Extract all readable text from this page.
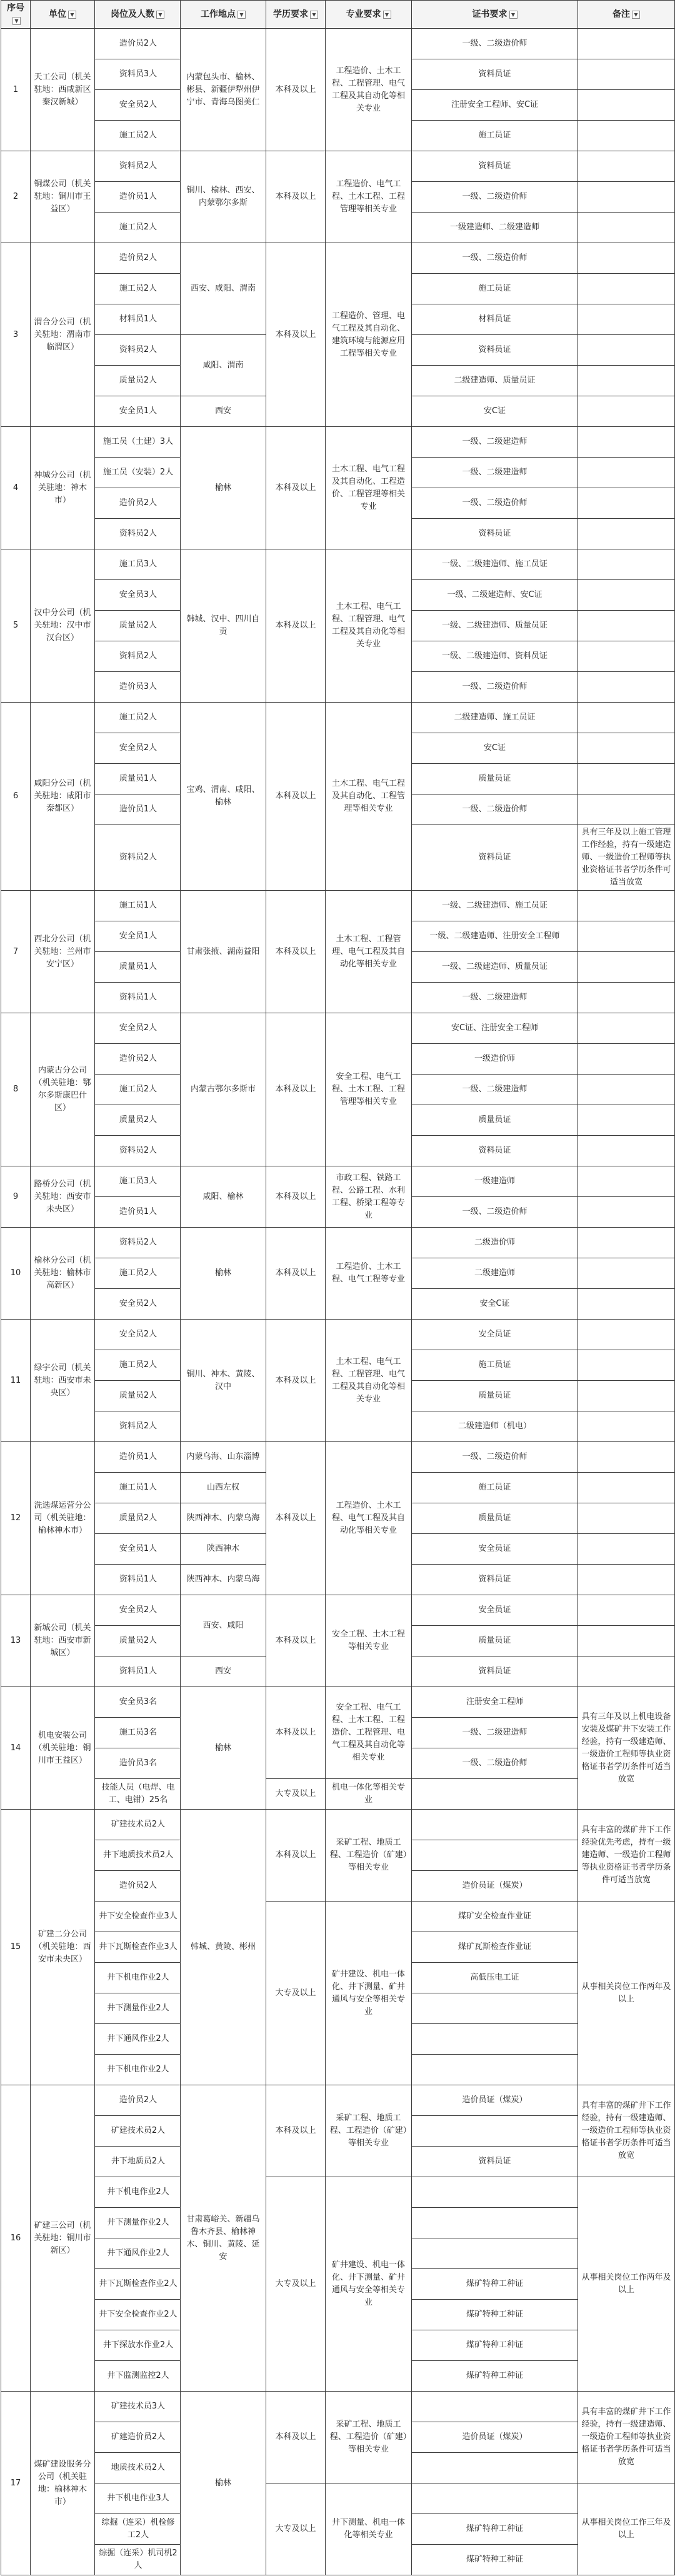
序号▼	单位 ▼	岗位及人数 ▼	工作地点 ▼	学历要求 ▼	专业要求 ▼	证书要求 ▼	备注 ▼
1	天工公司（机关驻地：西咸新区秦汉新城）	造价员2人	内蒙包头市、榆林、彬县、新疆伊犁州伊宁市、青海乌图美仁	本科及以上	工程造价、土木工程、工程管理、电气工程及其自动化等相关专业	一级、二级造价师	
		资料员3人				资料员证	
		安全员2人				注册安全工程师、安C证	
		施工员2人				施工员证	
2	铜煤公司（机关驻地：铜川市王益区）	资料员2人	铜川、榆林、西安、内蒙鄂尔多斯	本科及以上	工程造价、电气工程、土木工程、工程管理等相关专业	资料员证	
		造价员1人				一级、二级造价师	
		施工员2人				一级建造师、二级建造师	
3	渭合分公司（机关驻地：渭南市临渭区）	造价员2人	西安、咸阳、渭南	本科及以上	工程造价、管理、电气工程及其自动化、建筑环境与能源应用工程等相关专业	一级、二级造价师	
		施工员2人				施工员证	
		材料员1人				材料员证	
		资料员2人	咸阳、渭南			资料员证	
		质量员2人				二级建造师、质量员证	
		安全员1人	西安			安C证	
4	神城分公司（机关驻地：神木市）	施工员（土建）3人	榆林	本科及以上	土木工程、电气工程及其自动化、工程造价、工程管理等相关专业	一级、二级建造师	
		施工员（安装）2人				一级、二级建造师	
		造价员2人				一级、二级造价师	
		资料员2人				资料员证	
5	汉中分公司（机关驻地：汉中市汉台区）	施工员3人	韩城、汉中、四川自贡	本科及以上	土木工程、电气工程、工程管理、电气工程及其自动化等相关专业	一级、二级建造师、施工员证	
		安全员3人				一级、二级建造师、安C证	
		质量员2人				一级、二级建造师、质量员证	
		资料员2人				一级、二级建造师、资料员证	
		造价员3人				一级、二级造价师	
6	咸阳分公司（机关驻地：咸阳市秦都区）	施工员2人	宝鸡、渭南、咸阳、榆林	本科及以上	土木工程、电气工程及其自动化、工程管理等相关专业	二级建造师、施工员证	
		安全员2人				安C证	
		质量员1人				质量员证	
		造价员1人				一级、二级造价师	
		资料员2人				资料员证	具有三年及以上施工管理工作经验，持有一级建造师、一级造价工程师等执业资格证书者学历条件可适当放宽
7	西北分公司（机关驻地：兰州市安宁区）	施工员1人	甘肃张掖、湖南益阳	本科及以上	土木工程、工程管理、电气工程及其自动化等相关专业	一级、二级建造师、施工员证	
		安全员1人				一级、二级建造师、注册安全工程师	
		质量员1人				一级、二级建造师、质量员证	
		资料员1人				一级、二级建造师	
8	内蒙古分公司（机关驻地：鄂尔多斯康巴什区）	安全员2人	内蒙古鄂尔多斯市	本科及以上	安全工程、电气工程、土木工程、工程管理等相关专业	安C证、注册安全工程师	
		造价员2人				一级造价师	
		施工员2人				一级、二级建造师	
		质量员2人				质量员证	
		资料员2人				资料员证	
9	路桥分公司（机关驻地：西安市未央区）	施工员3人	咸阳、榆林	本科及以上	市政工程、铁路工程、公路工程、水利工程、桥梁工程等专业	一级建造师	
		造价员1人				一级、二级造价师	
10	榆林分公司（机关驻地：榆林市高新区）	资料员2人	榆林	本科及以上	工程造价、土木工程、电气工程等专业	二级造价师	
		施工员2人				二级建造师	
		安全员2人				安全C证	
11	绿宇公司（机关驻地：西安市未央区）	安全员2人	铜川、神木、黄陵、汉中	本科及以上	土木工程、电气工程、工程管理、电气工程及其自动化等相关专业	安全员证	
		施工员2人				施工员证	
		质量员2人				质量员证	
		资料员2人				二级建造师（机电）	
12	洗选煤运营分公司（机关驻地：榆林神木市）	造价员1人	内蒙乌海、山东淄博	本科及以上	工程造价、土木工程、电气工程及其自动化等相关专业	一级、二级造价师	
		施工员1人	山西左权			施工员证	
		质量员2人	陕西神木、内蒙乌海			质量员证	
		安全员1人	陕西神木			安全员证	
		资料员1人	陕西神木、内蒙乌海			资料员证	
13	新城公司（机关驻地：西安市新城区）	安全员2人	西安、咸阳	本科及以上	安全工程、土木工程等相关专业	安全员证	
		质量员2人				质量员证	
		资料员1人	西安			资料员证	
14	机电安装公司（机关驻地：铜川市王益区）	安全员3名	榆林	本科及以上	安全工程、电气工程、土木工程、工程造价、工程管理、电气工程及其自动化等相关专业	注册安全工程师	具有三年及以上机电设备安装及煤矿井下安装工作经验，持有一级建造师、一级造价工程师等执业资格证书者学历条件可适当放宽
		施工员3名				一级、二级建造师	
		造价员3名				一级、二级造价师	
		技能人员（电焊、电工、电钳）25名		大专及以上	机电一体化等相关专业		
15	矿建二分公司（机关驻地：西安市未央区）	矿建技术员2人	韩城、黄陵、彬州	本科及以上	采矿工程、地质工程、工程造价（矿建）等相关专业		具有丰富的煤矿井下工作经验优先考虑，持有一级建造师、一级造价工程师等执业资格证书者学历条件可适当放宽
		井下地质技术员2人					
		造价员2人				造价员证（煤炭）	
		井下安全检查作业3人		大专及以上	矿井建设、机电一体化、井下测量、矿井通风与安全等相关专业	煤矿安全检查作业证	从事相关岗位工作两年及以上
		井下瓦斯检查作业3人				煤矿瓦斯检查作业证	
		井下机电作业2人				高低压电工证	
		井下测量作业2人					
		井下通风作业2人					
		井下机电作业2人					
16	矿建三公司（机关驻地：铜川市新区）	造价员2人	甘肃葛峪关、新疆乌鲁木齐县、榆林神木、铜川、黄陵、延安	本科及以上	采矿工程、地质工程、工程造价（矿建）等相关专业	造价员证（煤炭）	具有丰富的煤矿井下工作经验，持有一级建造师、一级造价工程师等执业资格证书者学历条件可适当放宽
		矿建技术员2人					
		井下地质员2人				资料员证	
		井下机电作业2人		大专及以上	矿井建设、机电一体化、井下测量、矿井通风与安全等相关专业		从事相关岗位工作两年及以上
		井下测量作业2人					
		井下通风作业2人					
		井下瓦斯检查作业2人				煤矿特种工种证	
		井下安全检查作业2人				煤矿特种工种证	
		井下探放水作业2人				煤矿特种工种证	
		井下监测监控2人				煤矿特种工种证	
17	煤矿建设服务分公司（机关驻地：榆林神木市）	矿建技术员3人	榆林	本科及以上	采矿工程、地质工程、工程造价（矿建）等相关专业		具有丰富的煤矿井下工作经验，持有一级建造师、一级造价工程师等执业资格证书者学历条件可适当放宽
		矿建造价员2人				造价员证（煤炭）	
		地质技术员2人					
		井下机电作业3人		大专及以上	井下测量、机电一体化等相关专业		从事相关岗位工作三年及以上
		综掘（连采）机检修工2人				煤矿特种工种证	
		综掘（连采）机司机2人				煤矿特种工种证	
